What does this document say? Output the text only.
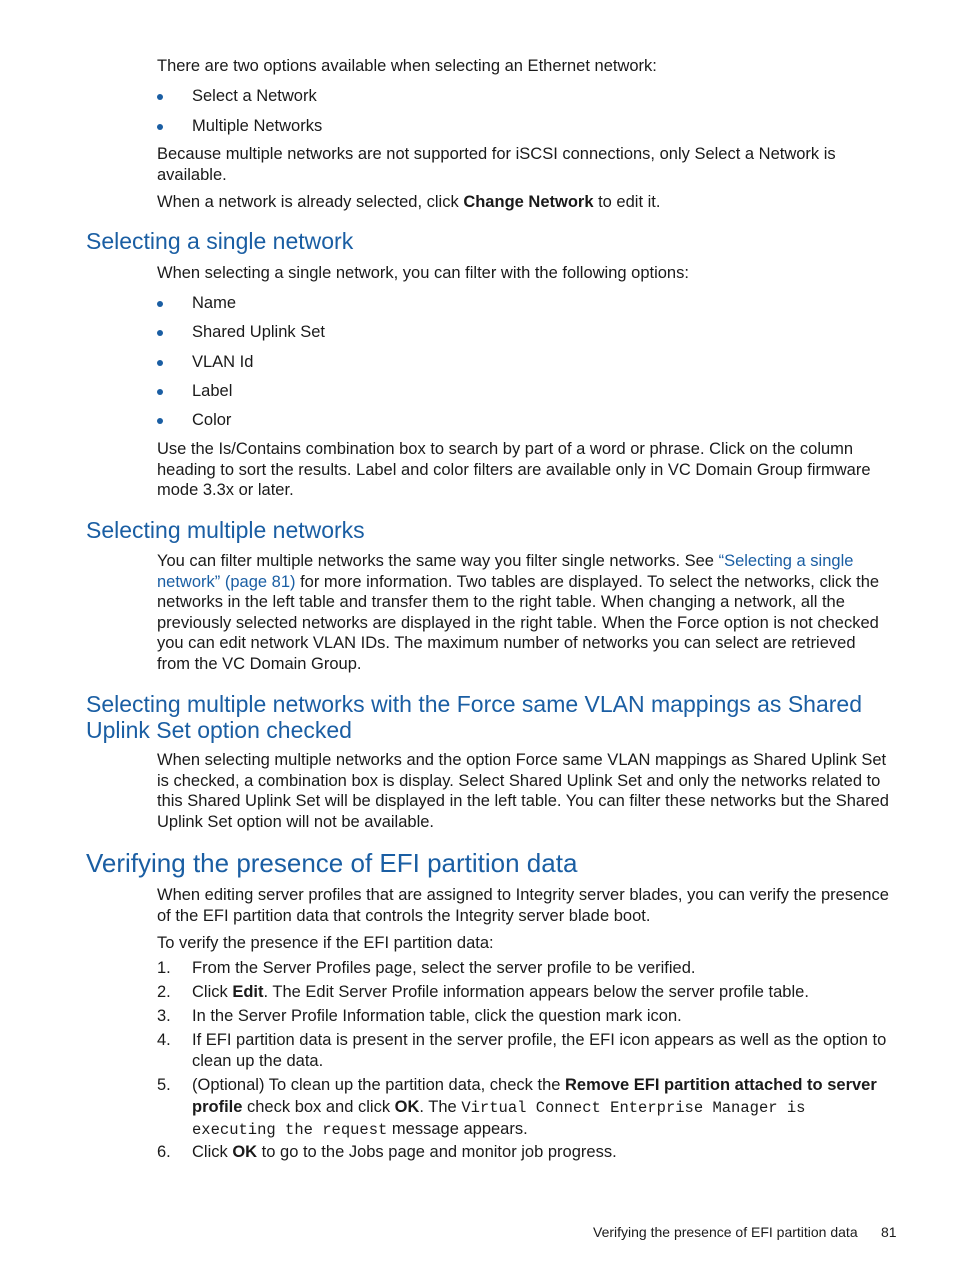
There are two options available when selecting an Ethernet network:
Select a Network
Multiple Networks
Because multiple networks are not supported for iSCSI connections, only Select a Network is available.
When a network is already selected, click Change Network to edit it.
Selecting a single network
When selecting a single network, you can filter with the following options:
Name
Shared Uplink Set
VLAN Id
Label
Color
Use the Is/Contains combination box to search by part of a word or phrase. Click on the column heading to sort the results. Label and color filters are available only in VC Domain Group firmware mode 3.3x or later.
Selecting multiple networks
You can filter multiple networks the same way you filter single networks. See “Selecting a single network” (page 81) for more information. Two tables are displayed. To select the networks, click the networks in the left table and transfer them to the right table. When changing a network, all the previously selected networks are displayed in the right table. When the Force option is not checked you can edit network VLAN IDs. The maximum number of networks you can select are retrieved from the VC Domain Group.
Selecting multiple networks with the Force same VLAN mappings as Shared Uplink Set option checked
When selecting multiple networks and the option Force same VLAN mappings as Shared Uplink Set is checked, a combination box is display. Select Shared Uplink Set and only the networks related to this Shared Uplink Set will be displayed in the left table. You can filter these networks but the Shared Uplink Set option will not be available.
Verifying the presence of EFI partition data
When editing server profiles that are assigned to Integrity server blades, you can verify the presence of the EFI partition data that controls the Integrity server blade boot.
To verify the presence if the EFI partition data:
1. From the Server Profiles page, select the server profile to be verified.
2. Click Edit. The Edit Server Profile information appears below the server profile table.
3. In the Server Profile Information table, click the question mark icon.
4. If EFI partition data is present in the server profile, the EFI icon appears as well as the option to clean up the data.
5. (Optional) To clean up the partition data, check the Remove EFI partition attached to server profile check box and click OK. The Virtual Connect Enterprise Manager is executing the request message appears.
6. Click OK to go to the Jobs page and monitor job progress.
Verifying the presence of EFI partition data 81
